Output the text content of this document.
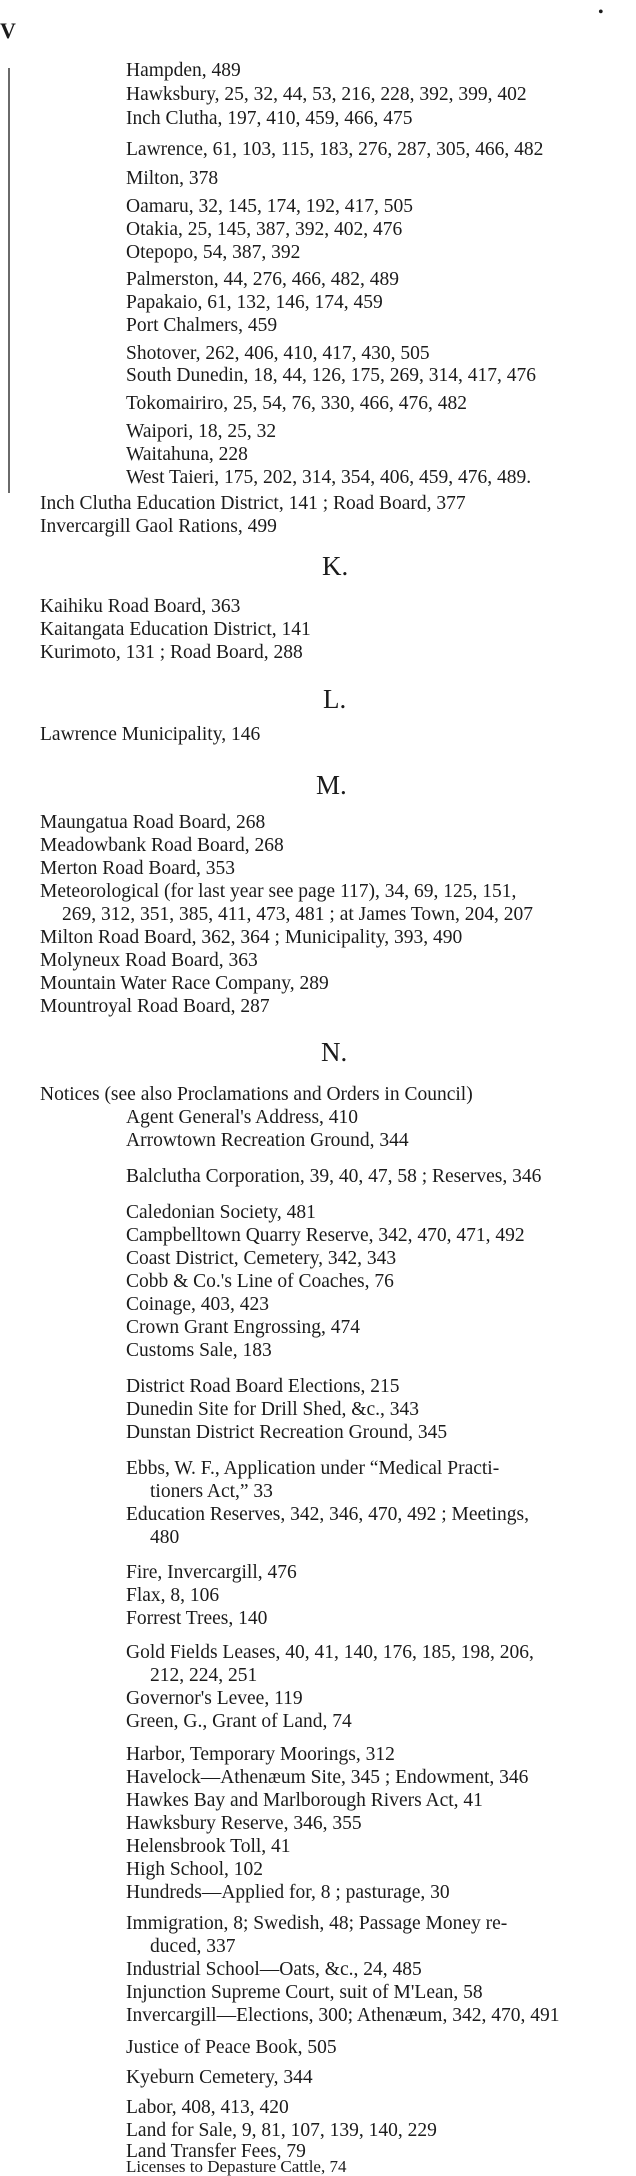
V
•
Hampden, 489
Hawksbury, 25, 32, 44, 53, 216, 228, 392, 399, 402
Inch Clutha, 197, 410, 459, 466, 475
Lawrence, 61, 103, 115, 183, 276, 287, 305, 466, 482
Milton, 378
Oamaru, 32, 145, 174, 192, 417, 505
Otakia, 25, 145, 387, 392, 402, 476
Otepopo, 54, 387, 392
Palmerston, 44, 276, 466, 482, 489
Papakaio, 61, 132, 146, 174, 459
Port Chalmers, 459
Shotover, 262, 406, 410, 417, 430, 505
South Dunedin, 18, 44, 126, 175, 269, 314, 417, 476
Tokomairiro, 25, 54, 76, 330, 466, 476, 482
Waipori, 18, 25, 32
Waitahuna, 228
West Taieri, 175, 202, 314, 354, 406, 459, 476, 489.
Inch Clutha Education District, 141 ; Road Board, 377
Invercargill Gaol Rations, 499
K.
Kaihiku Road Board, 363
Kaitangata Education District, 141
Kurimoto, 131 ; Road Board, 288
L.
Lawrence Municipality, 146
M.
Maungatua Road Board, 268
Meadowbank Road Board, 268
Merton Road Board, 353
Meteorological (for last year see page 117), 34, 69, 125, 151,
269, 312, 351, 385, 411, 473, 481 ; at James Town, 204, 207
Milton Road Board, 362, 364 ; Municipality, 393, 490
Molyneux Road Board, 363
Mountain Water Race Company, 289
Mountroyal Road Board, 287
N.
Notices (see also Proclamations and Orders in Council)
Agent General's Address, 410
Arrowtown Recreation Ground, 344
Balclutha Corporation, 39, 40, 47, 58 ; Reserves, 346
Caledonian Society, 481
Campbelltown Quarry Reserve, 342, 470, 471, 492
Coast District, Cemetery, 342, 343
Cobb & Co.'s Line of Coaches, 76
Coinage, 403, 423
Crown Grant Engrossing, 474
Customs Sale, 183
District Road Board Elections, 215
Dunedin Site for Drill Shed, &c., 343
Dunstan District Recreation Ground, 345
Ebbs, W. F., Application under “Medical Practi-
tioners Act,” 33
Education Reserves, 342, 346, 470, 492 ; Meetings,
480
Fire, Invercargill, 476
Flax, 8, 106
Forrest Trees, 140
Gold Fields Leases, 40, 41, 140, 176, 185, 198, 206,
212, 224, 251
Governor's Levee, 119
Green, G., Grant of Land, 74
Harbor, Temporary Moorings, 312
Havelock—Athenæum Site, 345 ; Endowment, 346
Hawkes Bay and Marlborough Rivers Act, 41
Hawksbury Reserve, 346, 355
Helensbrook Toll, 41
High School, 102
Hundreds—Applied for, 8 ; pasturage, 30
Immigration, 8; Swedish, 48; Passage Money re-
duced, 337
Industrial School—Oats, &c., 24, 485
Injunction Supreme Court, suit of M'Lean, 58
Invercargill—Elections, 300; Athenæum, 342, 470, 491
Justice of Peace Book, 505
Kyeburn Cemetery, 344
Labor, 408, 413, 420
Land for Sale, 9, 81, 107, 139, 140, 229
Land Transfer Fees, 79
Licenses to Depasture Cattle, 74
